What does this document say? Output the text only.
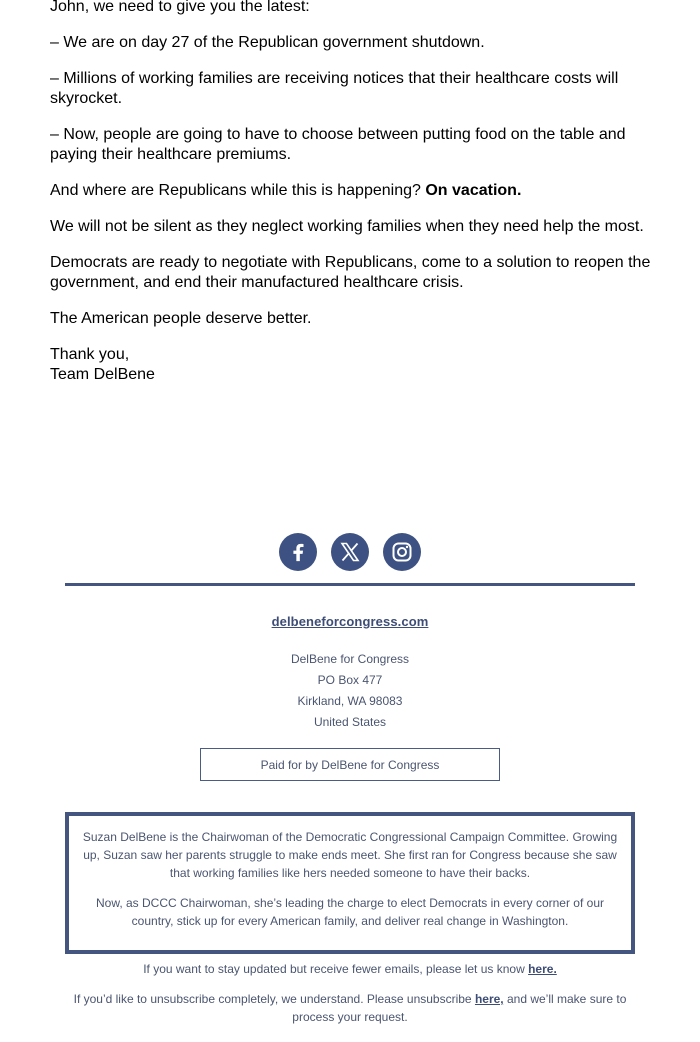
John, we need to give you the latest:

– We are on day 27 of the Republican government shutdown.

– Millions of working families are receiving notices that their healthcare costs will skyrocket.

– Now, people are going to have to choose between putting food on the table and paying their healthcare premiums.

And where are Republicans while this is happening? On vacation.

We will not be silent as they neglect working families when they need help the most.

Democrats are ready to negotiate with Republicans, come to a solution to reopen the government, and end their manufactured healthcare crisis.

The American people deserve better.

Thank you,
Team DelBene

delbeneforcongress.com
DelBene for Congress
PO Box 477
Kirkland, WA 98083
United States
Paid for by DelBene for Congress

Suzan DelBene is the Chairwoman of the Democratic Congressional Campaign Committee. Growing up, Suzan saw her parents struggle to make ends meet. She first ran for Congress because she saw that working families like hers needed someone to have their backs.

Now, as DCCC Chairwoman, she’s leading the charge to elect Democrats in every corner of our country, stick up for every American family, and deliver real change in Washington.

If you want to stay updated but receive fewer emails, please let us know here.
If you’d like to unsubscribe completely, we understand. Please unsubscribe here, and we’ll make sure to process your request.
